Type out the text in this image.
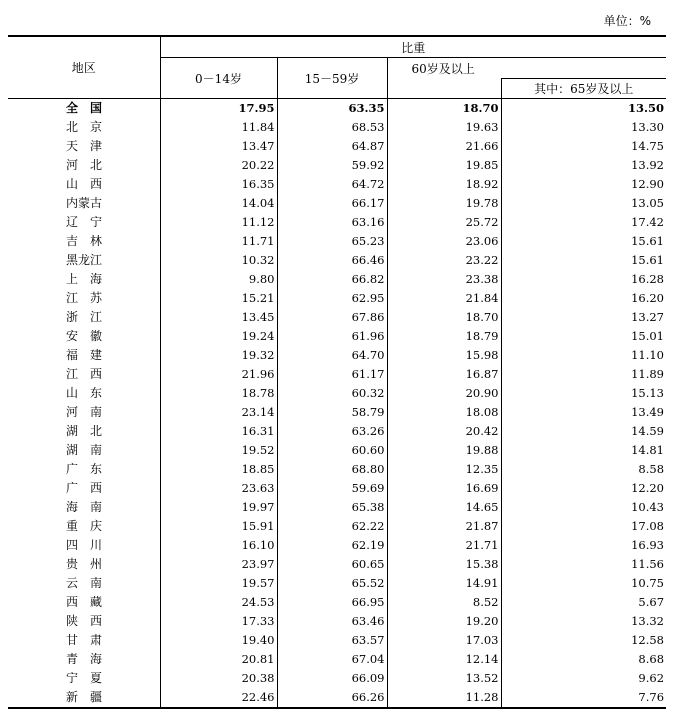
单位：%
地区	比重			
	0－14岁	15－59岁	60岁及以上	
				其中：65岁及以上
全　国	17.95	63.35	18.70	13.50
北　京	11.84	68.53	19.63	13.30
天　津	13.47	64.87	21.66	14.75
河　北	20.22	59.92	19.85	13.92
山　西	16.35	64.72	18.92	12.90
内蒙古	14.04	66.17	19.78	13.05
辽　宁	11.12	63.16	25.72	17.42
吉　林	11.71	65.23	23.06	15.61
黑龙江	10.32	66.46	23.22	15.61
上　海	9.80	66.82	23.38	16.28
江　苏	15.21	62.95	21.84	16.20
浙　江	13.45	67.86	18.70	13.27
安　徽	19.24	61.96	18.79	15.01
福　建	19.32	64.70	15.98	11.10
江　西	21.96	61.17	16.87	11.89
山　东	18.78	60.32	20.90	15.13
河　南	23.14	58.79	18.08	13.49
湖　北	16.31	63.26	20.42	14.59
湖　南	19.52	60.60	19.88	14.81
广　东	18.85	68.80	12.35	8.58
广　西	23.63	59.69	16.69	12.20
海　南	19.97	65.38	14.65	10.43
重　庆	15.91	62.22	21.87	17.08
四　川	16.10	62.19	21.71	16.93
贵　州	23.97	60.65	15.38	11.56
云　南	19.57	65.52	14.91	10.75
西　藏	24.53	66.95	8.52	5.67
陕　西	17.33	63.46	19.20	13.32
甘　肃	19.40	63.57	17.03	12.58
青　海	20.81	67.04	12.14	8.68
宁　夏	20.38	66.09	13.52	9.62
新　疆	22.46	66.26	11.28	7.76
